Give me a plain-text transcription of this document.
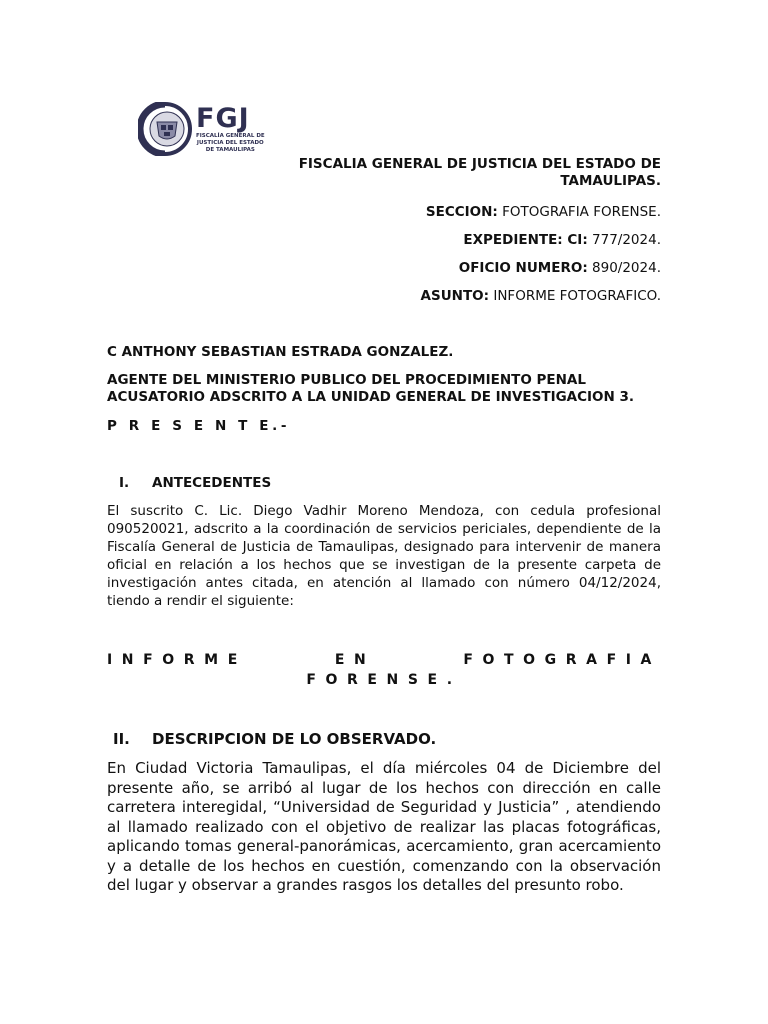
FGJ
FISCALÍA GENERAL DE
JUSTICIA DEL ESTADO
DE TAMAULIPAS
FISCALIA GENERAL DE JUSTICIA DEL ESTADO DE TAMAULIPAS.
SECCION: FOTOGRAFIA FORENSE.
EXPEDIENTE: CI: 777/2024.
OFICIO NUMERO: 890/2024.
ASUNTO: INFORME FOTOGRAFICO.
C ANTHONY SEBASTIAN ESTRADA GONZALEZ.
AGENTE DEL MINISTERIO PUBLICO DEL PROCEDIMIENTO PENAL ACUSATORIO ADSCRITO A LA UNIDAD GENERAL DE INVESTIGACION 3.
P R E S E N T E.-
I. ANTECEDENTES
El suscrito C. Lic. Diego Vadhir Moreno Mendoza, con cedula profesional 090520021, adscrito a la coordinación de servicios periciales, dependiente de la Fiscalía General de Justicia de Tamaulipas, designado para intervenir de manera oficial en relación a los hechos que se investigan de la presente carpeta de investigación antes citada, en atención al llamado con número 04/12/2024, tiendo a rendir el siguiente:
INFORME EN FOTOGRAFIA FORENSE.
II. DESCRIPCION DE LO OBSERVADO.
En Ciudad Victoria Tamaulipas, el día miércoles 04 de Diciembre del presente año, se arribó al lugar de los hechos con dirección en calle carretera interegidal, “Universidad de Seguridad y Justicia” , atendiendo al llamado realizado con el objetivo de realizar las placas fotográficas, aplicando tomas general-panorámicas, acercamiento, gran acercamiento y a detalle de los hechos en cuestión, comenzando con la observación del lugar y observar a grandes rasgos los detalles del presunto robo.
